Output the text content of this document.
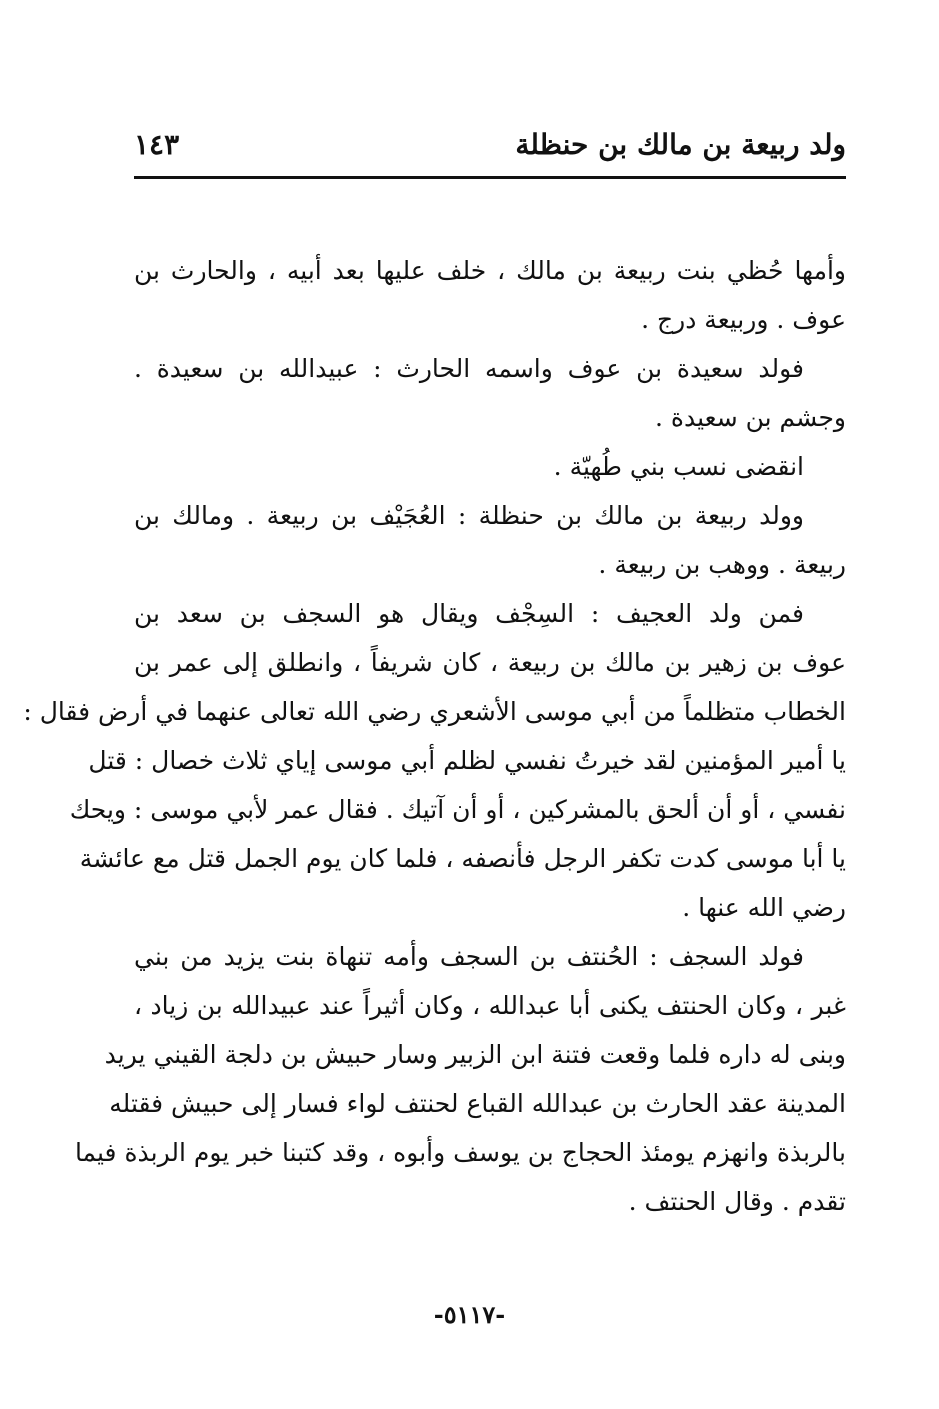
ولد ربيعة بن مالك بن حنظلة
١٤٣
وأمها حُظي بنت ربيعة بن مالك ، خلف عليها بعد أبيه ، والحارث بن
عوف . وربيعة درج .
فولد سعيدة بن عوف واسمه الحارث : عبيدالله بن سعيدة .
وجشم بن سعيدة .
انقضى نسب بني طُهيّة .
وولد ربيعة بن مالك بن حنظلة : العُجَيْف بن ربيعة . ومالك بن
ربيعة . ووهب بن ربيعة .
فمن ولد العجيف : السِجْف ويقال هو السجف بن سعد بن
عوف بن زهير بن مالك بن ربيعة ، كان شريفاً ، وانطلق إلى عمر بن
الخطاب متظلماً من أبي موسى الأشعري رضي الله تعالى عنهما في أرض فقال :
يا أمير المؤمنين لقد خيرتُ نفسي لظلم أبي موسى إياي ثلاث خصال : قتل
نفسي ، أو أن ألحق بالمشركين ، أو أن آتيك . فقال عمر لأبي موسى : ويحك
يا أبا موسى كدت تكفر الرجل فأنصفه ، فلما كان يوم الجمل قتل مع عائشة
رضي الله عنها .
فولد السجف : الحُنتف بن السجف وأمه تنهاة بنت يزيد من بني
غبر ، وكان الحنتف يكنى أبا عبدالله ، وكان أثيراً عند عبيدالله بن زياد ،
وبنى له داره فلما وقعت فتنة ابن الزبير وسار حبيش بن دلجة القيني يريد
المدينة عقد الحارث بن عبدالله القباع لحنتف لواء فسار إلى حبيش فقتله
بالربذة وانهزم يومئذ الحجاج بن يوسف وأبوه ، وقد كتبنا خبر يوم الربذة فيما
تقدم . وقال الحنتف .
-٥١١٧-
